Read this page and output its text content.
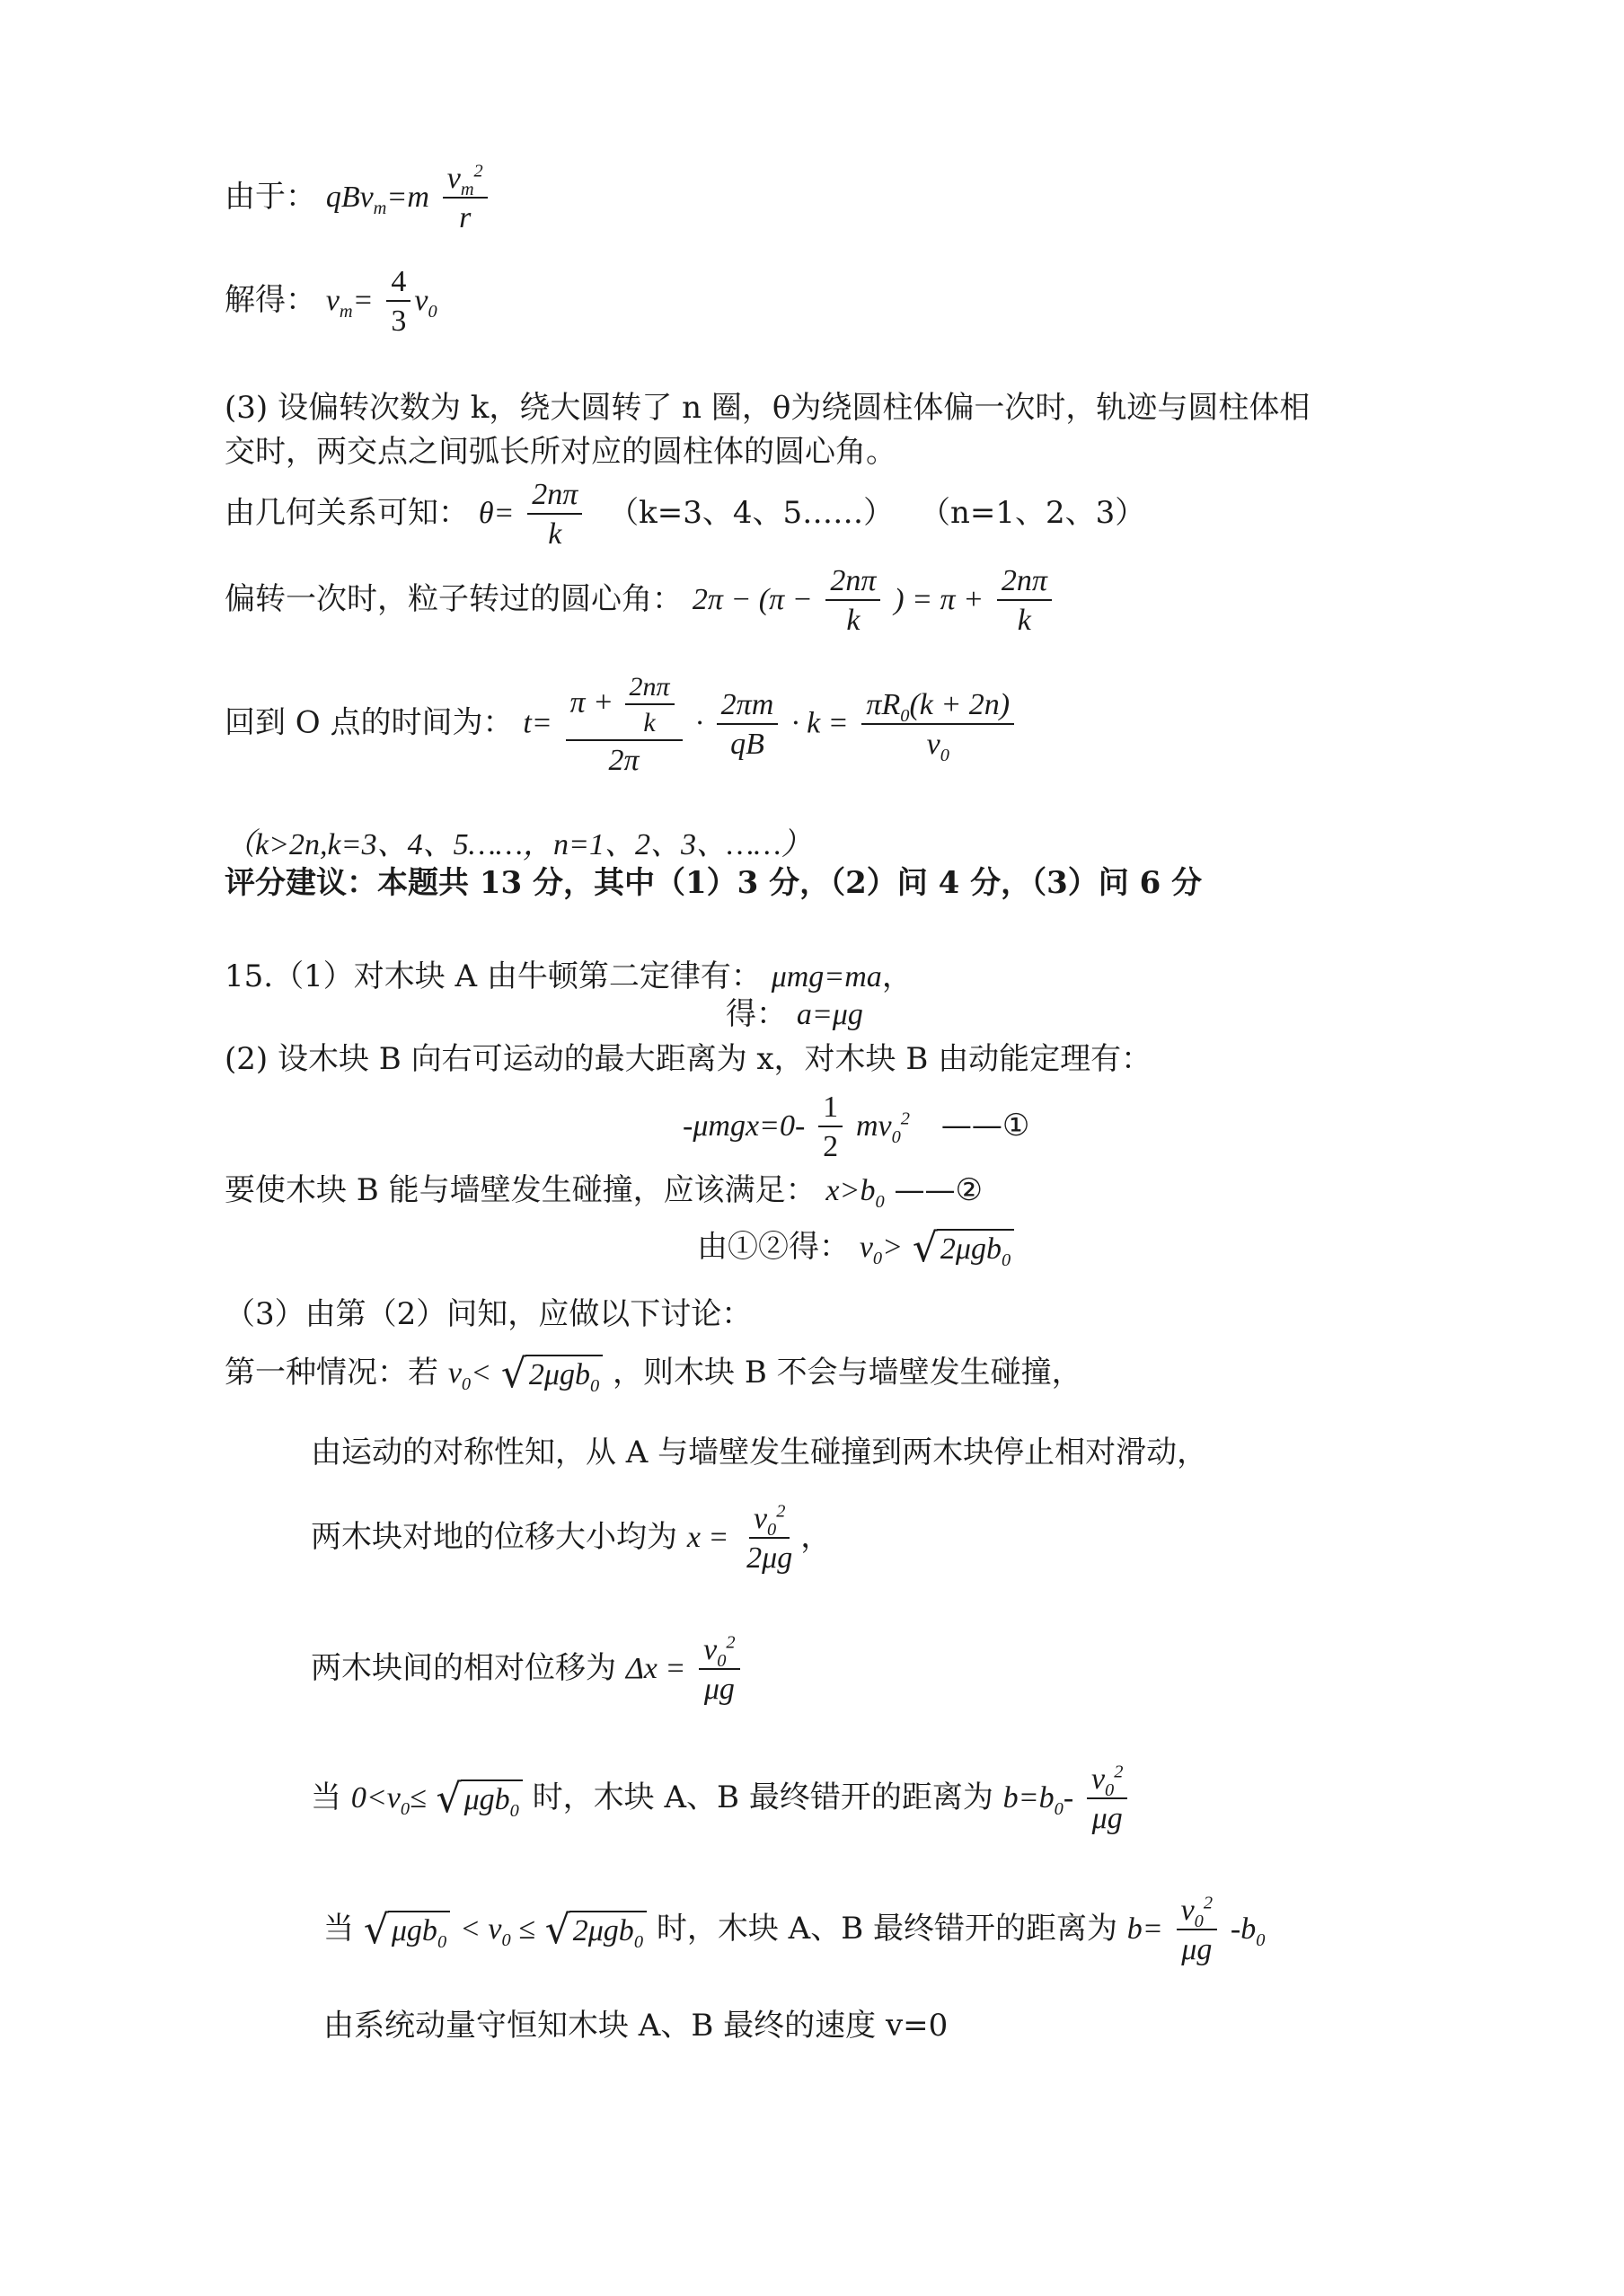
由于： $qBv_m=m \frac{v_m^2}{r}$
解得： $v_m= \frac{4}{3} v_0$
(3) 设偏转次数为 k，绕大圆转了 n 圈，θ为绕圆柱体偏一次时，轨迹与圆柱体相
交时，两交点之间弧长所对应的圆柱体的圆心角。
由几何关系可知： $\theta= \frac{2n\pi}{k} (k=3$、4、5……） （n=1、2、3）
偏转一次时，粒子转过的圆心角： $2\pi - (\pi - \frac{2n\pi}{k}$ ) = $\pi + \frac{2n\pi}{k}$
回到 O 点的时间为： $t= \frac{\pi + \frac{2n\pi}{k}}{2\pi} \cdot \frac{2\pi m}{qB} \cdot k = \frac{\pi R_0(k + 2n)}{v_0}$
（k>2n,k=3、4、5……，n=1、2、3、……）
评分建议：本题共 13 分，其中（1）3 分，（2）问 4 分，（3）问 6 分
15.（1）对木块 A 由牛顿第二定律有： μmg=ma，
得： a=μg
(2) 设木块 B 向右可运动的最大距离为 x，对木块 B 由动能定理有：
$-\mu mgx=0- \frac{1}{2} mv_0^2$ ——①
要使木块 B 能与墙壁发生碰撞，应该满足： $x>b_0$ ——②
由①②得： $v_0>$ √ 2μgb$_0$
（3）由第（2）问知，应做以下讨论：
第一种情况：若 $v_0<$ √ 2μgb$_0$ ，则木块 B 不会与墙壁发生碰撞，
由运动的对称性知，从 A 与墙壁发生碰撞到两木块停止相对滑动，
两木块对地的位移大小均为 $x = \frac{v_0^2}{2\mu g}$ ，
两木块间的相对位移为 $\Delta x = \frac{v_0^2}{\mu g}$
当 $0<v_0\le$ √ μgb$_0$ 时，木块 A、B 最终错开的距离为 $b=b_0- \frac{v_0^2}{\mu g}$
当 √ $\mu gb_0 < v_0$ ≤ √ 2μgb$_0$ 时，木块 A、B 最终错开的距离为 $b= \frac{v_0^2}{\mu g} -b_0$
由系统动量守恒知木块 A、B 最终的速度 v=0
